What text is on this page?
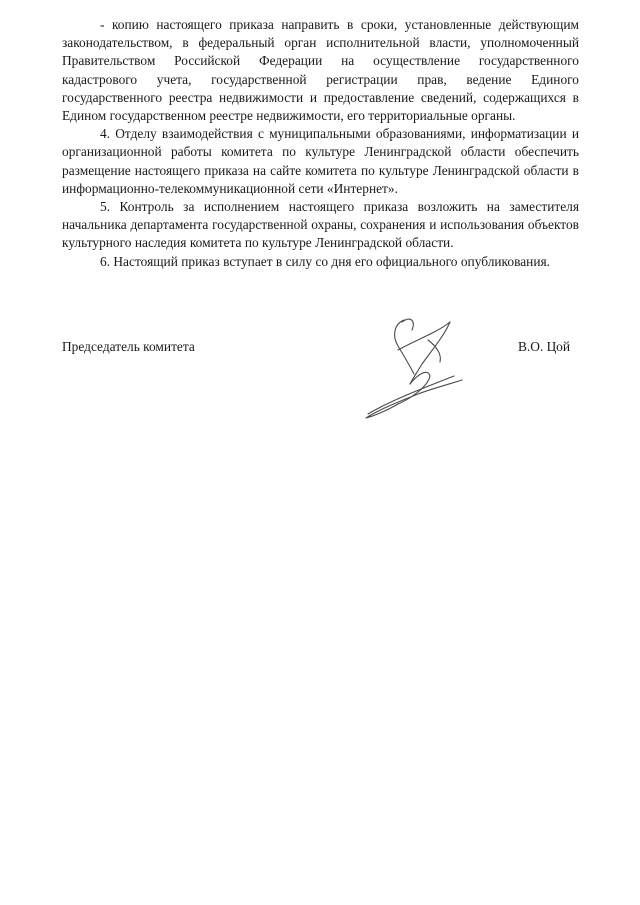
- копию настоящего приказа направить в сроки, установленные действующим законодательством, в федеральный орган исполнительной власти, уполномоченный Правительством Российской Федерации на осуществление государственного кадастрового учета, государственной регистрации прав, ведение Единого государственного реестра недвижимости и предоставление сведений, содержащихся в Едином государственном реестре недвижимости, его территориальные органы.

4. Отделу взаимодействия с муниципальными образованиями, информатизации и организационной работы комитета по культуре Ленинградской области обеспечить размещение настоящего приказа на сайте комитета по культуре Ленинградской области в информационно-телекоммуникационной сети «Интернет».

5. Контроль за исполнением настоящего приказа возложить на заместителя начальника департамента государственной охраны, сохранения и использования объектов культурного наследия комитета по культуре Ленинградской области.

6. Настоящий приказ вступает в силу со дня его официального опубликования.

Председатель комитета	В.О. Цой
